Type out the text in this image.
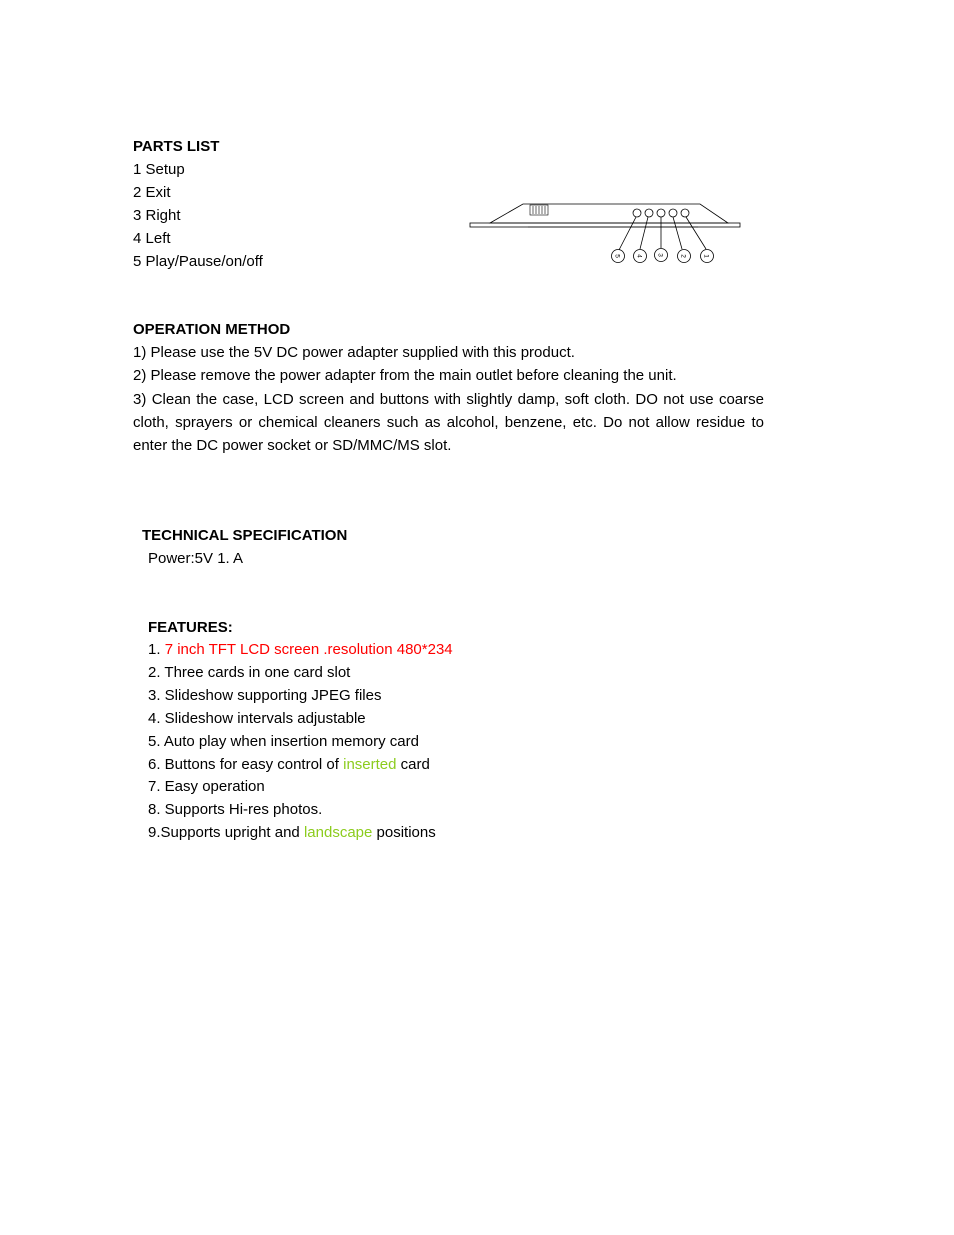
PARTS LIST
1 Setup
2 Exit
3 Right
4 Left
5 Play/Pause/on/off	5 4 3 2 1
OPERATION METHOD
1) Please use the 5V DC power adapter supplied with this product.
2) Please remove the power adapter from the main outlet before cleaning the unit.
3) Clean the case, LCD screen and buttons with slightly damp, soft cloth. DO not use coarse cloth, sprayers or chemical cleaners such as alcohol, benzene, etc. Do not allow residue to enter the DC power socket or SD/MMC/MS slot.
TECHNICAL SPECIFICATION
Power:5V 1. A
FEATURES:
1. 7 inch TFT LCD screen .resolution 480*234
2. Three cards in one card slot
3. Slideshow supporting JPEG files
4. Slideshow intervals adjustable
5. Auto play when insertion memory card
6. Buttons for easy control of inserted card
7. Easy operation
8. Supports Hi-res photos.
9.Supports upright and landscape positions
